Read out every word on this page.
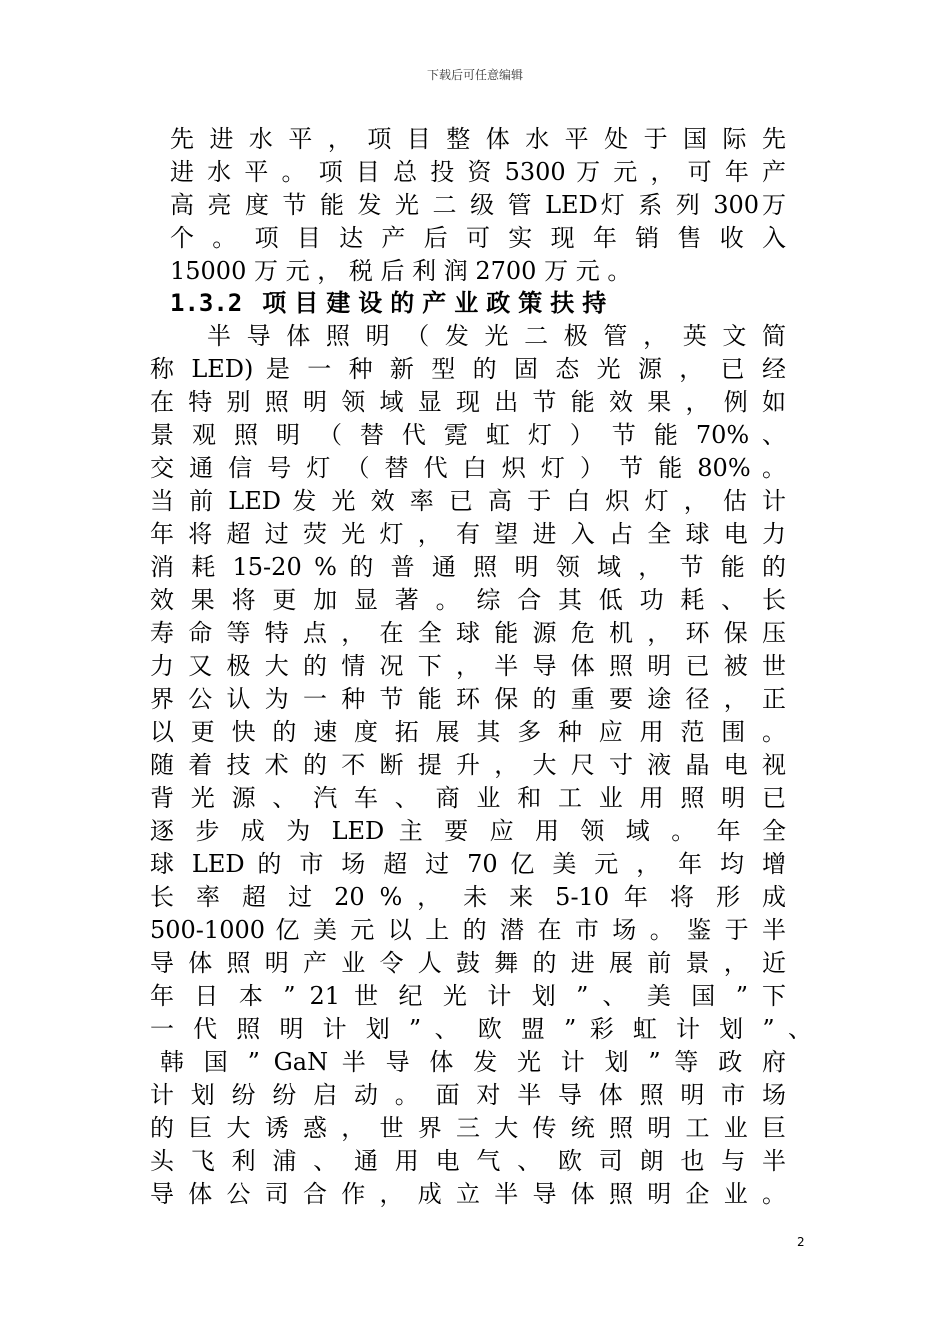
下载后可任意编辑
先 进 水 平 ， 项 目 整 体 水 平 处 于 国 际 先
进 水 平 。 项 目 总 投 资 5300 万 元 ， 可 年 产
高 亮 度 节 能 发 光 二 级 管 LED灯 系 列 300万
个 。 项 目 达 产 后 可 实 现 年 销 售 收 入
15000 万 元 ， 税 后 利 润 2700 万 元 。
1.3.2 项目建设的产业政策扶持
半 导 体 照 明 （ 发 光 二 极 管 ， 英 文 简
称 LED) 是 一 种 新 型 的 固 态 光 源 ， 已 经
在 特 别 照 明 领 域 显 现 出 节 能 效 果 ， 例 如
景 观 照 明 （ 替 代 霓 虹 灯 ） 节 能 70% 、
交 通 信 号 灯 （ 替 代 白 炽 灯 ） 节 能 80% 。
当 前 LED 发 光 效 率 已 高 于 白 炽 灯 ， 估 计
年 将 超 过 荧 光 灯 ， 有 望 进 入 占 全 球 电 力
消 耗 15-20 % 的 普 通 照 明 领 域 ， 节 能 的
效 果 将 更 加 显 著 。 综 合 其 低 功 耗 、 长
寿 命 等 特 点 ， 在 全 球 能 源 危 机 ， 环 保 压
力 又 极 大 的 情 况 下 ， 半 导 体 照 明 已 被 世
界 公 认 为 一 种 节 能 环 保 的 重 要 途 径 ， 正
以 更 快 的 速 度 拓 展 其 多 种 应 用 范 围 。
随 着 技 术 的 不 断 提 升 ， 大 尺 寸 液 晶 电 视
背 光 源 、 汽 车 、 商 业 和 工 业 用 照 明 已
逐 步 成 为 LED 主 要 应 用 领 域 。 年 全
球 LED 的 市 场 超 过 70 亿 美 元 ， 年 均 增
长 率 超 过 20 % ， 未 来 5-10 年 将 形 成
500-1000 亿 美 元 以 上 的 潜 在 市 场 。 鉴 于 半
导 体 照 明 产 业 令 人 鼓 舞 的 进 展 前 景 ， 近
年 日 本 ” 21 世 纪 光 计 划 ” 、 美 国 ” 下
一 代 照 明 计 划 ” 、 欧 盟 ” 彩 虹 计 划 ” 、
韩 国 ” GaN 半 导 体 发 光 计 划 ” 等 政 府
计 划 纷 纷 启 动 。 面 对 半 导 体 照 明 市 场
的 巨 大 诱 惑 ， 世 界 三 大 传 统 照 明 工 业 巨
头 飞 利 浦 、 通 用 电 气 、 欧 司 朗 也 与 半
导 体 公 司 合 作 ， 成 立 半 导 体 照 明 企 业 。
2
